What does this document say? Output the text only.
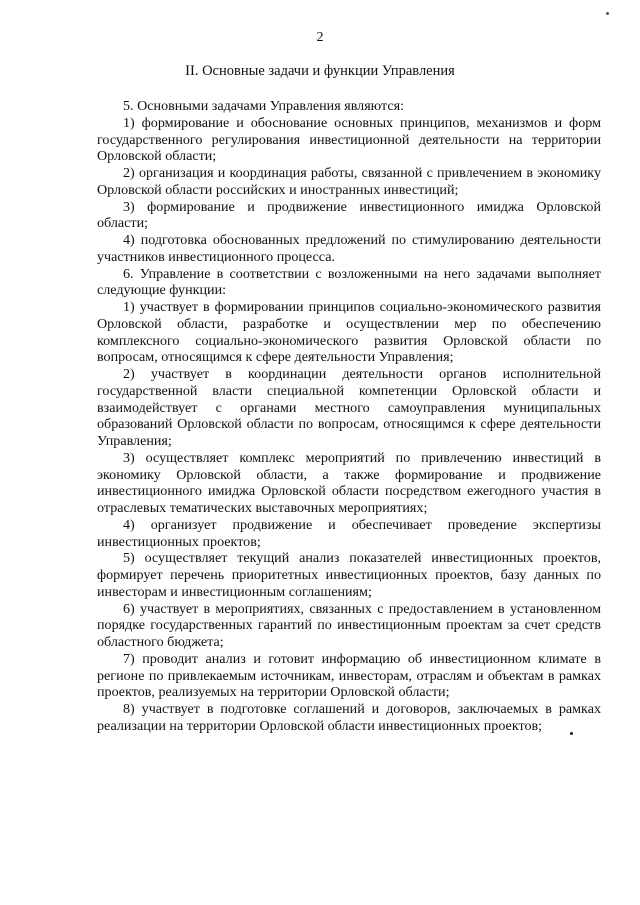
2
II. Основные задачи и функции Управления

5. Основными задачами Управления являются:

1) формирование и обоснование основных принципов, механизмов и форм государственного регулирования инвестиционной деятельности на территории Орловской области;

2) организация и координация работы, связанной с привлечением в экономику Орловской области российских и иностранных инвестиций;

3) формирование и продвижение инвестиционного имиджа Орловской области;

4) подготовка обоснованных предложений по стимулированию деятельности участников инвестиционного процесса.

6. Управление в соответствии с возложенными на него задачами выполняет следующие функции:

1) участвует в формировании принципов социально-экономического развития Орловской области, разработке и осуществлении мер по обеспечению комплексного социально-экономического развития Орловской области по вопросам, относящимся к сфере деятельности Управления;

2) участвует в координации деятельности органов исполнительной государственной власти специальной компетенции Орловской области и взаимодействует с органами местного самоуправления муниципальных образований Орловской области по вопросам, относящимся к сфере деятельности Управления;

3) осуществляет комплекс мероприятий по привлечению инвестиций в экономику Орловской области, а также формирование и продвижение инвестиционного имиджа Орловской области посредством ежегодного участия в отраслевых тематических выставочных мероприятиях;

4) организует продвижение и обеспечивает проведение экспертизы инвестиционных проектов;

5) осуществляет текущий анализ показателей инвестиционных проектов, формирует перечень приоритетных инвестиционных проектов, базу данных по инвесторам и инвестиционным соглашениям;

6) участвует в мероприятиях, связанных с предоставлением в установленном порядке государственных гарантий по инвестиционным проектам за счет средств областного бюджета;

7) проводит анализ и готовит информацию об инвестиционном климате в регионе по привлекаемым источникам, инвесторам, отраслям и объектам в рамках проектов, реализуемых на территории Орловской области;

8) участвует в подготовке соглашений и договоров, заключаемых в рамках реализации на территории Орловской области инвестиционных проектов;
